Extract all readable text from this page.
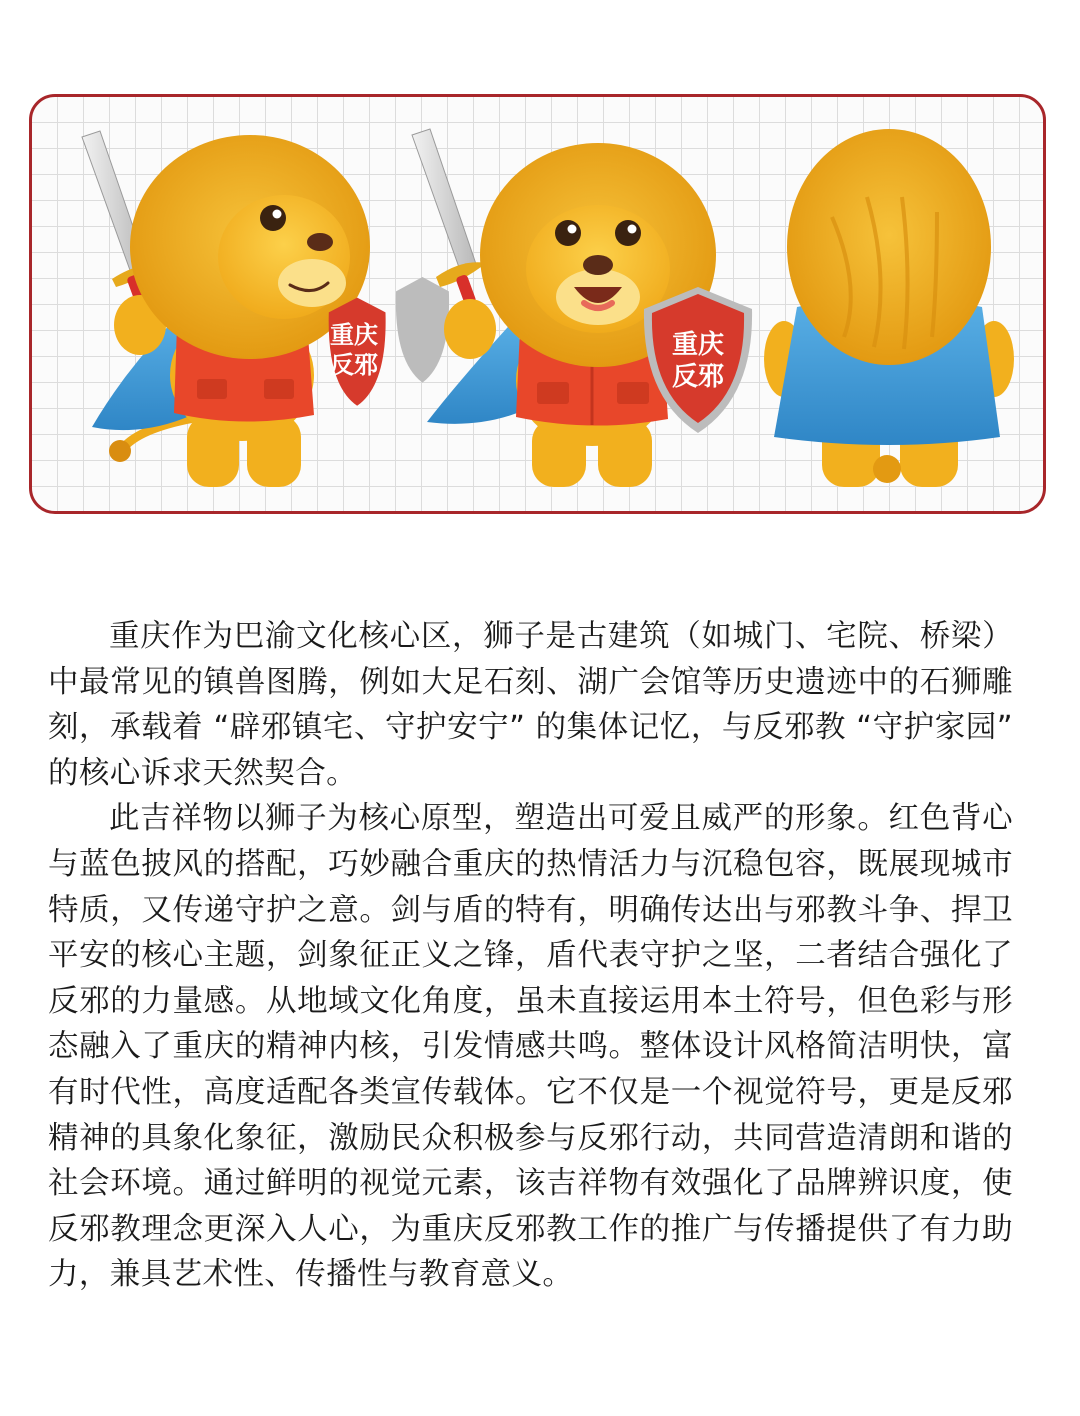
重庆
反邪
重庆
反邪

重庆作为巴渝文化核心区，狮子是古建筑（如城门、宅院、桥梁）中最常见的镇兽图腾，例如大足石刻、湖广会馆等历史遗迹中的石狮雕刻，承载着 “辟邪镇宅、守护安宁” 的集体记忆，与反邪教 “守护家园” 的核心诉求天然契合。

此吉祥物以狮子为核心原型，塑造出可爱且威严的形象。红色背心与蓝色披风的搭配，巧妙融合重庆的热情活力与沉稳包容，既展现城市特质，又传递守护之意。剑与盾的特有，明确传达出与邪教斗争、捍卫平安的核心主题，剑象征正义之锋，盾代表守护之坚，二者结合强化了反邪的力量感。从地域文化角度，虽未直接运用本土符号，但色彩与形态融入了重庆的精神内核，引发情感共鸣。整体设计风格简洁明快，富有时代性，高度适配各类宣传载体。它不仅是一个视觉符号，更是反邪精神的具象化象征，激励民众积极参与反邪行动，共同营造清朗和谐的社会环境。通过鲜明的视觉元素，该吉祥物有效强化了品牌辨识度，使反邪教理念更深入人心，为重庆反邪教工作的推广与传播提供了有力助力，兼具艺术性、传播性与教育意义。
